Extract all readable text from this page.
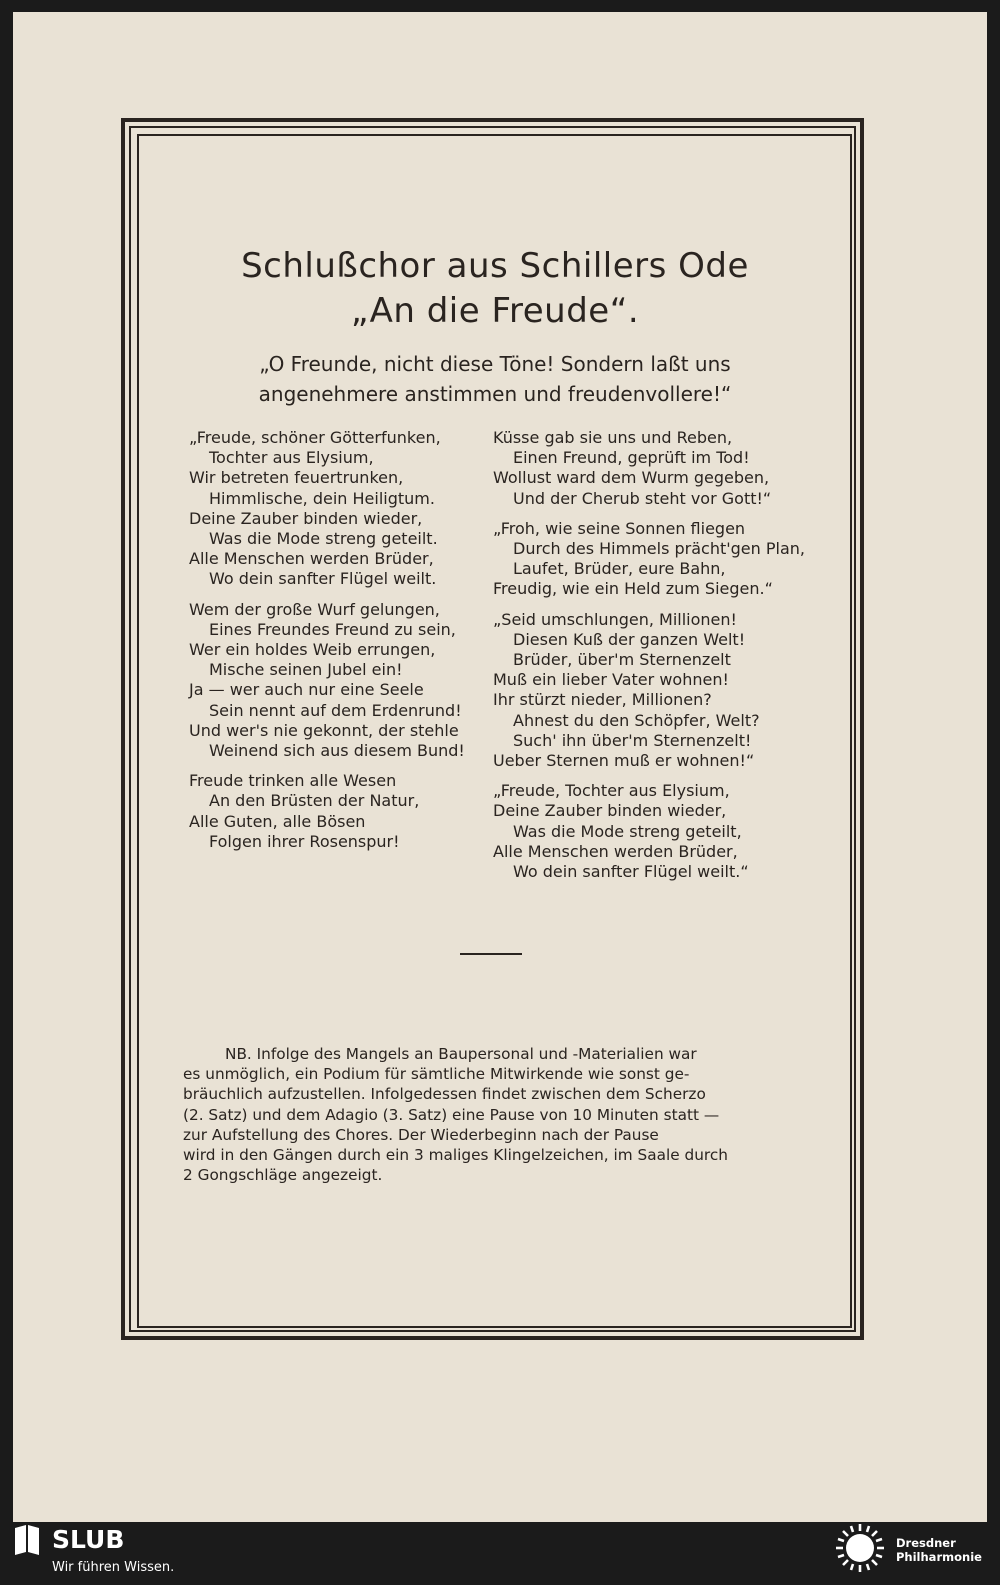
Schlußchor aus Schillers Ode
„An die Freude“.
„O Freunde, nicht diese Töne! Sondern laßt uns
angenehmere anstimmen und freudenvollere!“
„Freude, schöner Götterfunken,
Tochter aus Elysium,
Wir betreten feuertrunken,
Himmlische, dein Heiligtum.
Deine Zauber binden wieder,
Was die Mode streng geteilt.
Alle Menschen werden Brüder,
Wo dein sanfter Flügel weilt.
Wem der große Wurf gelungen,
Eines Freundes Freund zu sein,
Wer ein holdes Weib errungen,
Mische seinen Jubel ein!
Ja — wer auch nur eine Seele
Sein nennt auf dem Erdenrund!
Und wer's nie gekonnt, der stehle
Weinend sich aus diesem Bund!
Freude trinken alle Wesen
An den Brüsten der Natur,
Alle Guten, alle Bösen
Folgen ihrer Rosenspur!
Küsse gab sie uns und Reben,
Einen Freund, geprüft im Tod!
Wollust ward dem Wurm gegeben,
Und der Cherub steht vor Gott!“
„Froh, wie seine Sonnen fliegen
Durch des Himmels prächt'gen Plan,
Laufet, Brüder, eure Bahn,
Freudig, wie ein Held zum Siegen.“
„Seid umschlungen, Millionen!
Diesen Kuß der ganzen Welt!
Brüder, über'm Sternenzelt
Muß ein lieber Vater wohnen!
Ihr stürzt nieder, Millionen?
Ahnest du den Schöpfer, Welt?
Such' ihn über'm Sternenzelt!
Ueber Sternen muß er wohnen!“
„Freude, Tochter aus Elysium,
Deine Zauber binden wieder,
Was die Mode streng geteilt,
Alle Menschen werden Brüder,
Wo dein sanfter Flügel weilt.“
NB. Infolge des Mangels an Baupersonal und -Materialien war
es unmöglich, ein Podium für sämtliche Mitwirkende wie sonst ge-
bräuchlich aufzustellen. Infolgedessen findet zwischen dem Scherzo
(2. Satz) und dem Adagio (3. Satz) eine Pause von 10 Minuten statt —
zur Aufstellung des Chores. Der Wiederbeginn nach der Pause
wird in den Gängen durch ein 3 maliges Klingelzeichen, im Saale durch
2 Gongschläge angezeigt.
SLUB
Wir führen Wissen.
Dresdner
Philharmonie
